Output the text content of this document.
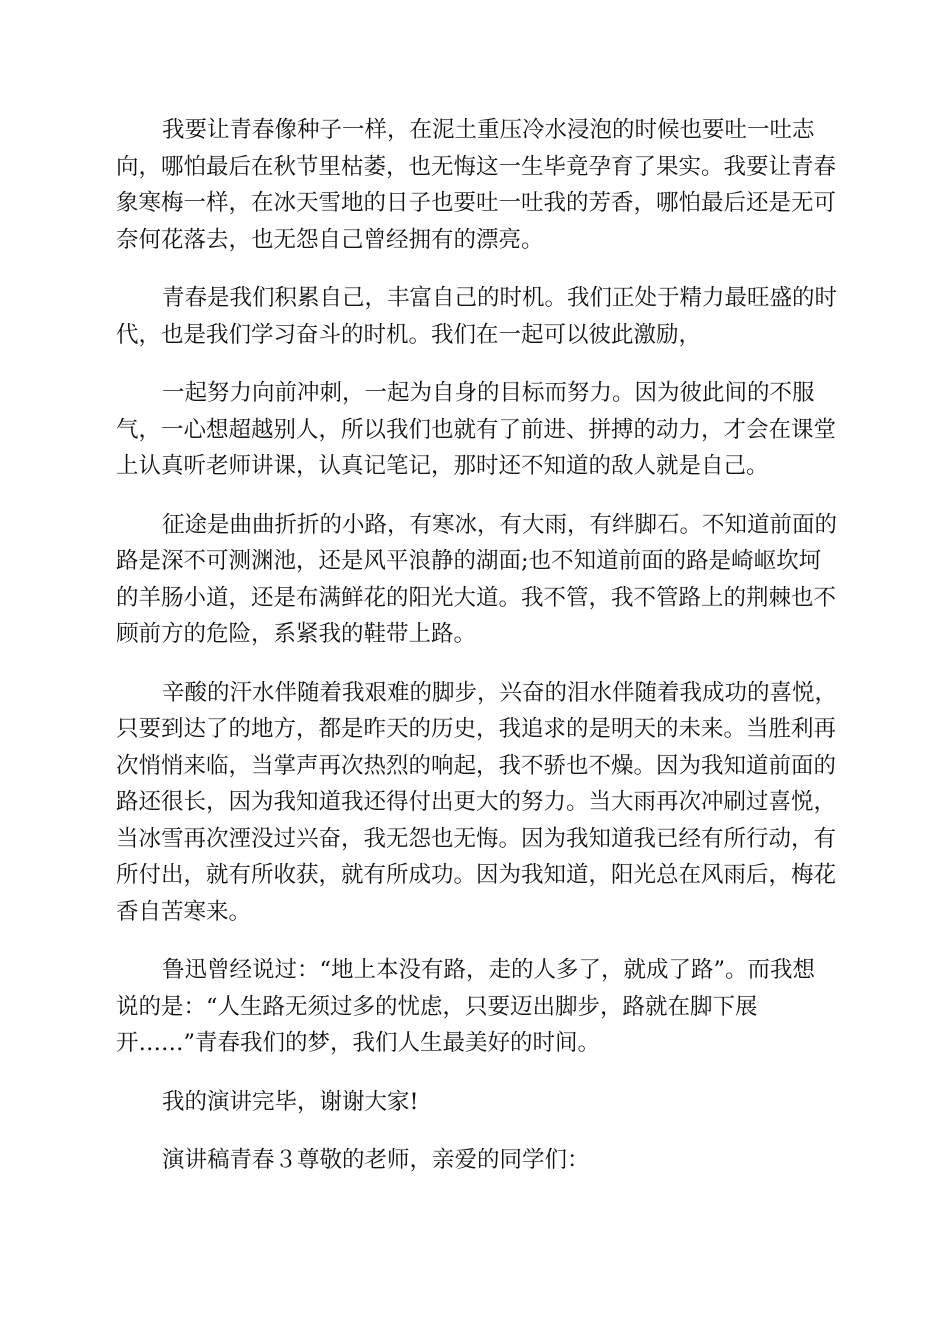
我要让青春像种子一样，在泥土重压冷水浸泡的时候也要吐一吐志
向，哪怕最后在秋节里枯萎，也无悔这一生毕竟孕育了果实。我要让青春
象寒梅一样，在冰天雪地的日子也要吐一吐我的芳香，哪怕最后还是无可
奈何花落去，也无怨自己曾经拥有的漂亮。
青春是我们积累自己，丰富自己的时机。我们正处于精力最旺盛的时
代，也是我们学习奋斗的时机。我们在一起可以彼此激励，
一起努力向前冲刺，一起为自身的目标而努力。因为彼此间的不服
气，一心想超越别人，所以我们也就有了前进、拼搏的动力，才会在课堂
上认真听老师讲课，认真记笔记，那时还不知道的敌人就是自己。
征途是曲曲折折的小路，有寒冰，有大雨，有绊脚石。不知道前面的
路是深不可测渊池，还是风平浪静的湖面;也不知道前面的路是崎岖坎坷
的羊肠小道，还是布满鲜花的阳光大道。我不管，我不管路上的荆棘也不
顾前方的危险，系紧我的鞋带上路。
辛酸的汗水伴随着我艰难的脚步，兴奋的泪水伴随着我成功的喜悦，
只要到达了的地方，都是昨天的历史，我追求的是明天的未来。当胜利再
次悄悄来临，当掌声再次热烈的响起，我不骄也不燥。因为我知道前面的
路还很长，因为我知道我还得付出更大的努力。当大雨再次冲刷过喜悦，
当冰雪再次湮没过兴奋，我无怨也无悔。因为我知道我已经有所行动，有
所付出，就有所收获，就有所成功。因为我知道，阳光总在风雨后，梅花
香自苦寒来。
鲁迅曾经说过：“地上本没有路，走的人多了，就成了路”。而我想
说的是：“人生路无须过多的忧虑，只要迈出脚步，路就在脚下展
开……”青春我们的梦，我们人生最美好的时间。
我的演讲完毕，谢谢大家!
演讲稿青春３尊敬的老师，亲爱的同学们：
